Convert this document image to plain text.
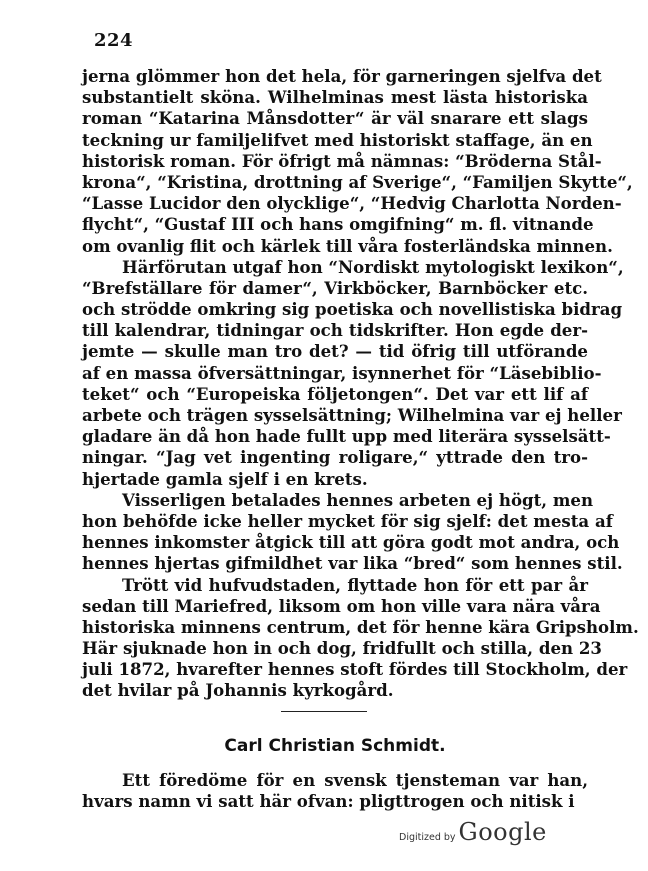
224
jerna glömmer hon det hela, för garneringen sjelfva det
substantielt sköna. Wilhelminas mest lästa historiska
roman “Katarina Månsdotter“ är väl snarare ett slags
teckning ur familjelifvet med historiskt staffage, än en
historisk roman. För öfrigt må nämnas: “Bröderna Stål-
krona“, “Kristina, drottning af Sverige“, “Familjen Skytte“,
“Lasse Lucidor den olycklige“, “Hedvig Charlotta Norden-
flycht“, “Gustaf III och hans omgifning“ m. fl. vitnande
om ovanlig flit och kärlek till våra fosterländska minnen.
Härförutan utgaf hon “Nordiskt mytologiskt lexikon“,
“Brefställare för damer“, Virkböcker, Barnböcker etc.
och strödde omkring sig poetiska och novellistiska bidrag
till kalendrar, tidningar och tidskrifter. Hon egde der-
jemte — skulle man tro det? — tid öfrig till utförande
af en massa öfversättningar, isynnerhet för “Läsebiblio-
teket“ och “Europeiska följetongen“. Det var ett lif af
arbete och trägen sysselsättning; Wilhelmina var ej heller
gladare än då hon hade fullt upp med literära sysselsätt-
ningar. “Jag vet ingenting roligare,“ yttrade den tro-
hjertade gamla sjelf i en krets.
Visserligen betalades hennes arbeten ej högt, men
hon behöfde icke heller mycket för sig sjelf: det mesta af
hennes inkomster åtgick till att göra godt mot andra, och
hennes hjertas gifmildhet var lika “bred“ som hennes stil.
Trött vid hufvudstaden, flyttade hon för ett par år
sedan till Mariefred, liksom om hon ville vara nära våra
historiska minnens centrum, det för henne kära Gripsholm.
Här sjuknade hon in och dog, fridfullt och stilla, den 23
juli 1872, hvarefter hennes stoft fördes till Stockholm, der
det hvilar på Johannis kyrkogård.
Carl Christian Schmidt.
Ett föredöme för en svensk tjensteman var han,
hvars namn vi satt här ofvan: pligttrogen och nitisk i
Digitized by Google
